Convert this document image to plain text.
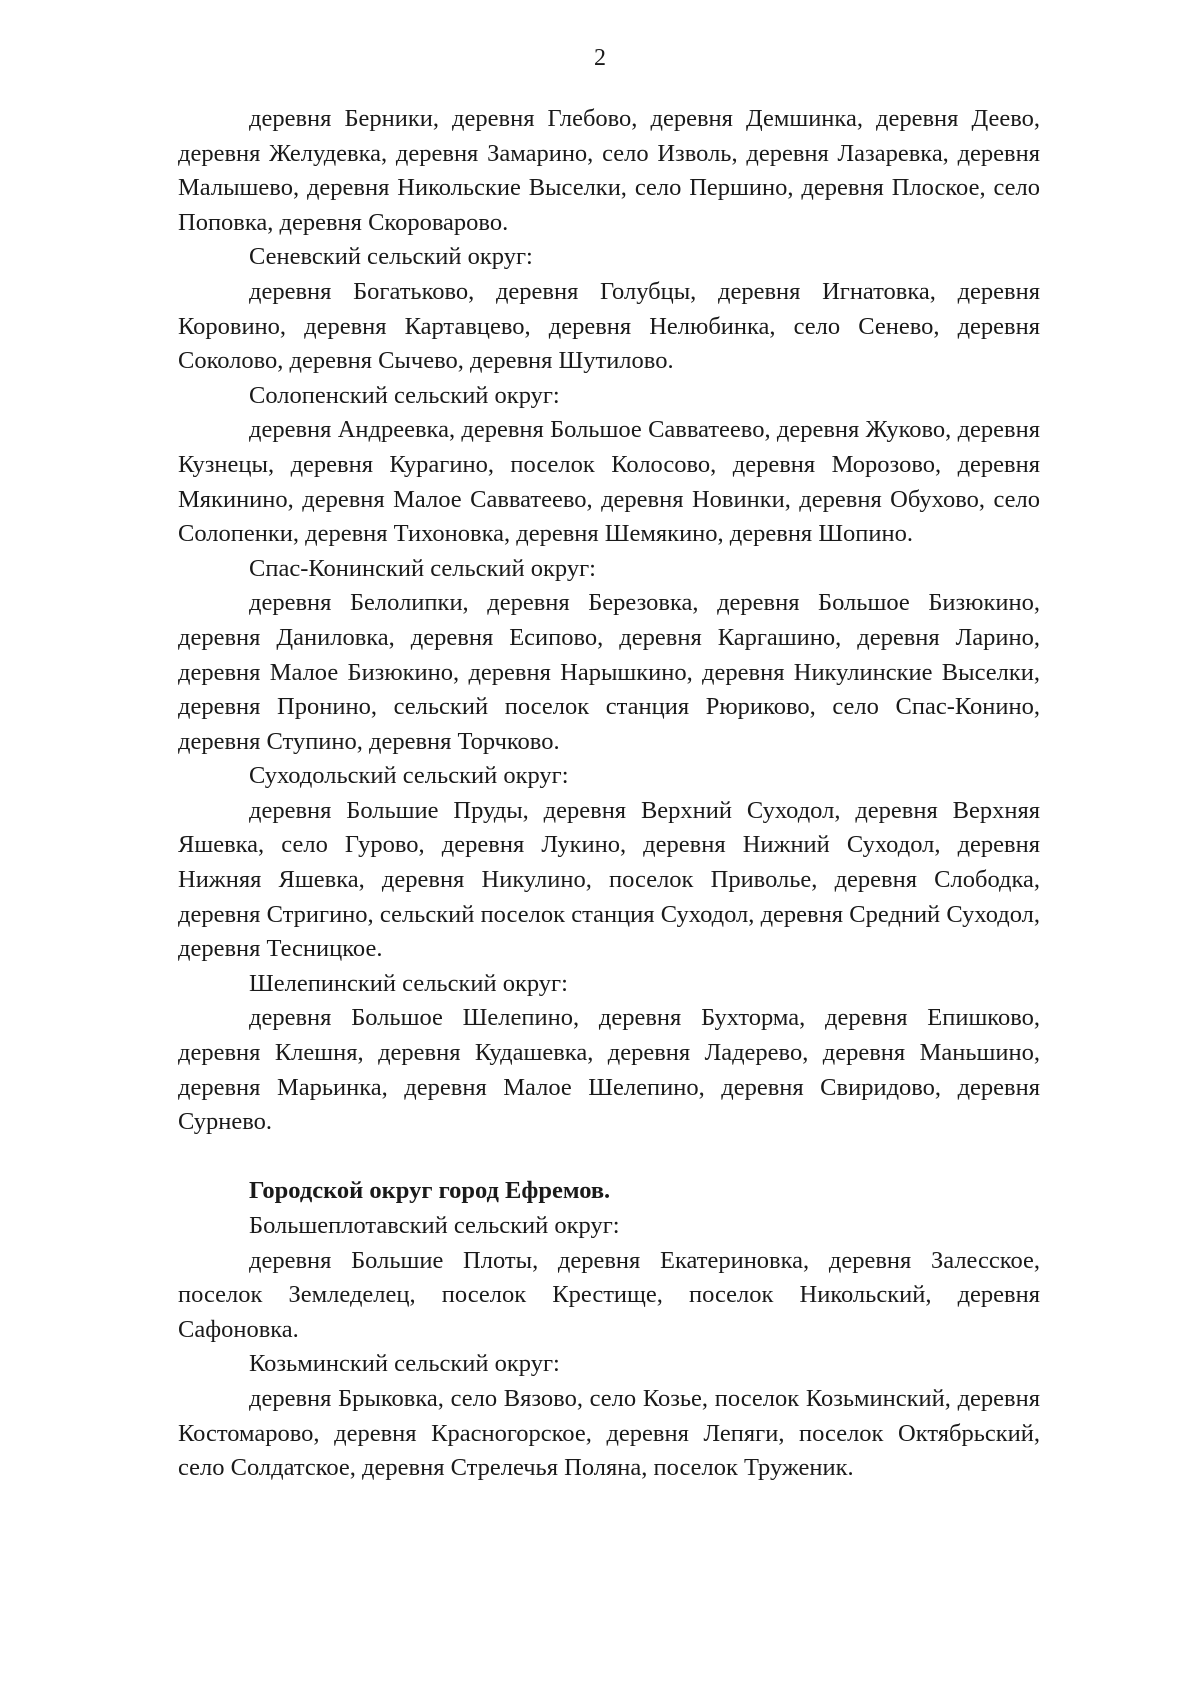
2

деревня Берники, деревня Глебово, деревня Демшинка, деревня Деево, деревня Желудевка, деревня Замарино, село Изволь, деревня Лазаревка, деревня Малышево, деревня Никольские Выселки, село Першино, деревня Плоское, село Поповка, деревня Скороварово.

Сеневский сельский округ:

деревня Богатьково, деревня Голубцы, деревня Игнатовка, деревня Коровино, деревня Картавцево, деревня Нелюбинка, село Сенево, деревня Соколово, деревня Сычево, деревня Шутилово.

Солопенский сельский округ:

деревня Андреевка, деревня Большое Савватеево, деревня Жуково, деревня Кузнецы, деревня Курагино, поселок Колосово, деревня Морозово, деревня Мякинино, деревня Малое Савватеево, деревня Новинки, деревня Обухово, село Солопенки, деревня Тихоновка, деревня Шемякино, деревня Шопино.

Спас-Конинский сельский округ:

деревня Белолипки, деревня Березовка, деревня Большое Бизюкино, деревня Даниловка, деревня Есипово, деревня Каргашино, деревня Ларино, деревня Малое Бизюкино, деревня Нарышкино, деревня Никулинские Выселки, деревня Пронино, сельский поселок станция Рюриково, село Спас-Конино, деревня Ступино, деревня Торчково.

Суходольский сельский округ:

деревня Большие Пруды, деревня Верхний Суходол, деревня Верхняя Яшевка, село Гурово, деревня Лукино, деревня Нижний Суходол, деревня Нижняя Яшевка, деревня Никулино, поселок Приволье, деревня Слободка, деревня Стригино, сельский поселок станция Суходол, деревня Средний Суходол, деревня Тесницкое.

Шелепинский сельский округ:

деревня Большое Шелепино, деревня Бухторма, деревня Епишково, деревня Клешня, деревня Кудашевка, деревня Ладерево, деревня Маньшино, деревня Марьинка, деревня Малое Шелепино, деревня Свиридово, деревня Сурнево.

Городской округ город Ефремов.

Большеплотавский сельский округ:

деревня Большие Плоты, деревня Екатериновка, деревня Залесское, поселок Земледелец, поселок Крестище, поселок Никольский, деревня Сафоновка.

Козьминский сельский округ:

деревня Брыковка, село Вязово, село Козье, поселок Козьминский, деревня Костомарово, деревня Красногорское, деревня Лепяги, поселок Октябрьский, село Солдатское, деревня Стрелечья Поляна, поселок Труженик.
